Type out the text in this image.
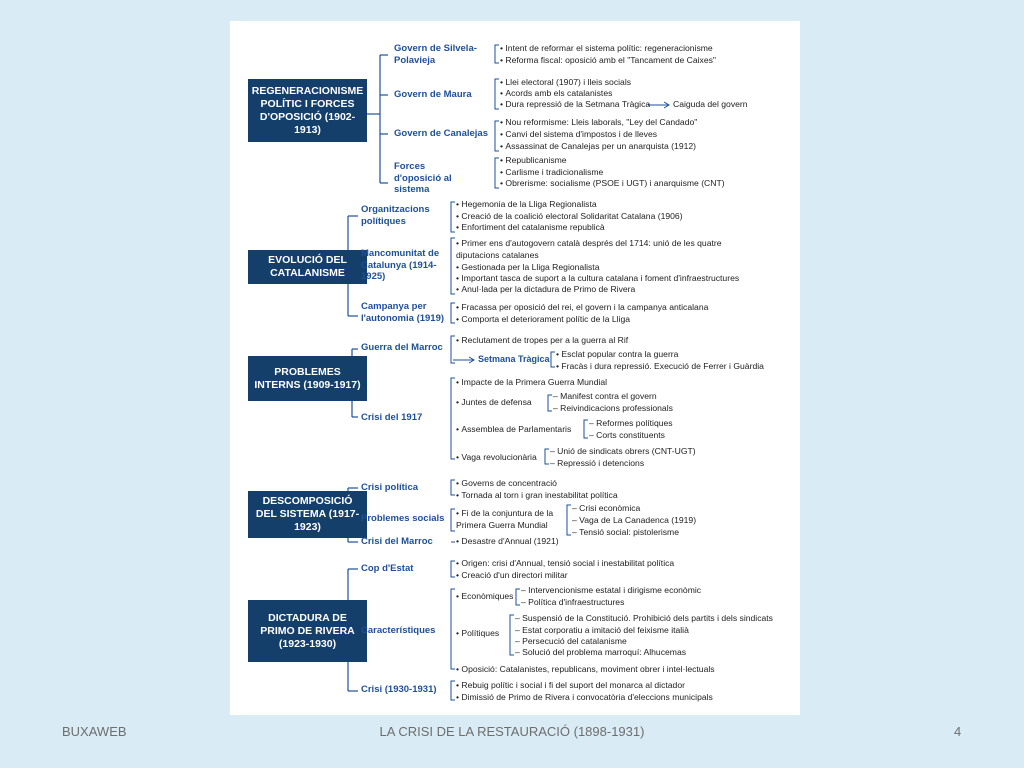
REGENERACIONISME POLÍTIC I FORCES D'OPOSICIÓ (1902-1913)
Govern de Silvela-Polavieja
• Intent de reformar el sistema polític: regeneracionisme
• Reforma fiscal: oposició amb el "Tancament de Caixes"
Govern de Maura
• Llei electoral (1907) i lleis socials
• Acords amb els catalanistes
• Dura repressió de la Setmana Tràgica	Caiguda del govern
Govern de Canalejas
• Nou reformisme: Lleis laborals, "Ley del Candado"
• Canvi del sistema d'impostos i de lleves
• Assassinat de Canalejas per un anarquista (1912)
Forces d'oposició al sistema
• Republicanisme
• Carlisme i tradicionalisme
• Obrerisme: socialisme (PSOE i UGT) i anarquisme (CNT)
EVOLUCIÓ DEL CATALANISME
Organitzacions polítiques
• Hegemonia de la Lliga Regionalista
• Creació de la coalició electoral Solidaritat Catalana (1906)
• Enfortiment del catalanisme republicà
Mancomunitat de Catalunya (1914-1925)
• Primer ens d'autogovern català després del 1714: unió de les quatre diputacions catalanes
• Gestionada per la Lliga Regionalista
• Important tasca de suport a la cultura catalana i foment d'infraestructures
• Anul·lada per la dictadura de Primo de Rivera
Campanya per l'autonomia (1919)
• Fracassa per oposició del rei, el govern i la campanya anticalana
• Comporta el deteriorament polític de la Lliga
PROBLEMES INTERNS (1909-1917)
Guerra del Marroc
• Reclutament de tropes per a la guerra al Rif
Setmana Tràgica	• Esclat popular contra la guerra
• Fracàs i dura repressió. Execució de Ferrer i Guàrdia
Crisi del 1917
• Impacte de la Primera Guerra Mundial
• Juntes de defensa
– Manifest contra el govern
– Reivindicacions professionals
• Assemblea de Parlamentaris
– Reformes polítiques
– Corts constituents
• Vaga revolucionària
– Unió de sindicats obrers (CNT-UGT)
– Repressió i detencions
DESCOMPOSICIÓ DEL SISTEMA (1917-1923)
Crisi política	• Governs de concentració
• Tornada al torn i gran inestabilitat política
Problemes socials	• Fi de la conjuntura de la Primera Guerra Mundial
– Crisi econòmica
– Vaga de La Canadenca (1919)
– Tensió social: pistolerisme
Crisi del Marroc	• Desastre d'Annual (1921)
DICTADURA DE PRIMO DE RIVERA (1923-1930)
Cop d'Estat	• Origen: crisi d'Annual, tensió social i inestabilitat política
• Creació d'un directori militar
Característiques
• Econòmiques
– Intervencionisme estatal i dirigisme econòmic
– Política d'infraestructures
• Polítiques
– Suspensió de la Constitució. Prohibició dels partits i dels sindicats
– Estat corporatiu a imitació del feixisme italià
– Persecució del catalanisme
– Solució del problema marroquí: Alhucemas
• Oposició: Catalanistes, republicans, moviment obrer i intel·lectuals
Crisi (1930-1931)	• Rebuig polític i social i fi del suport del monarca al dictador
• Dimissió de Primo de Rivera i convocatòria d'eleccions municipals
BUXAWEB	LA CRISI DE LA RESTAURACIÓ (1898-1931)	4
